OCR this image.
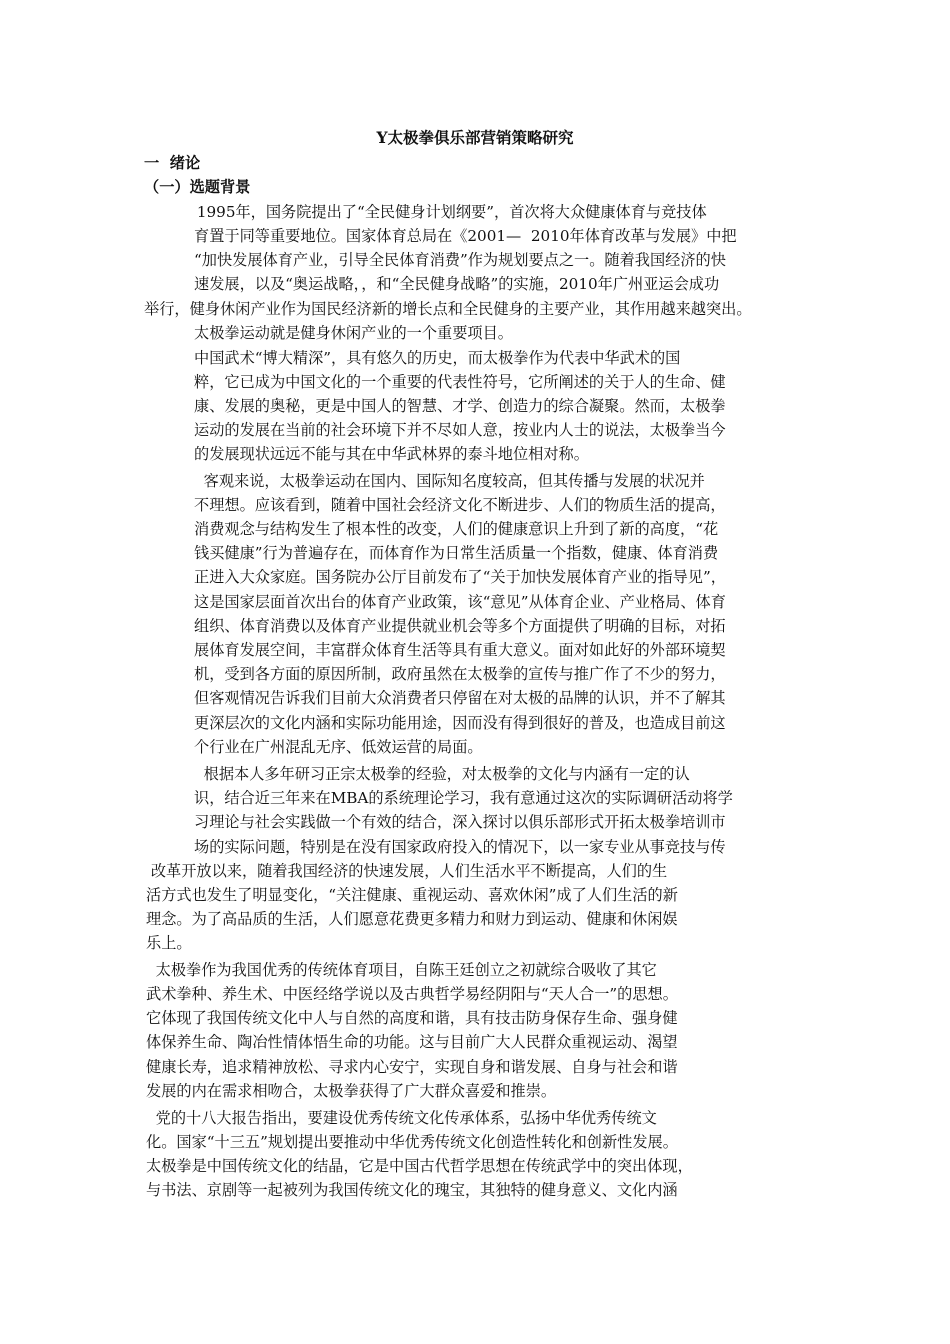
Y太极拳俱乐部营销策略研究
一  绪论
（一）选题背景
1995年，国务院提出了“全民健身计划纲要”，首次将大众健康体育与竞技体
育置于同等重要地位。国家体育总局在《2001—  2010年体育改革与发展》中把
“加快发展体育产业，引导全民体育消费”作为规划要点之一。随着我国经济的快
速发展，以及“奥运战略，，和“全民健身战略”的实施，2010年广州亚运会成功
举行，健身休闲产业作为国民经济新的增长点和全民健身的主要产业，其作用越来越突出。
太极拳运动就是健身休闲产业的一个重要项目。
中国武术“博大精深”，具有悠久的历史，而太极拳作为代表中华武术的国
粹，它已成为中国文化的一个重要的代表性符号，它所阐述的关于人的生命、健
康、发展的奥秘，更是中国人的智慧、才学、创造力的综合凝聚。然而，太极拳
运动的发展在当前的社会环境下并不尽如人意，按业内人士的说法，太极拳当今
的发展现状远远不能与其在中华武林界的泰斗地位相对称。
客观来说，太极拳运动在国内、国际知名度较高，但其传播与发展的状况并
不理想。应该看到，随着中国社会经济文化不断进步、人们的物质生活的提高，
消费观念与结构发生了根本性的改变，人们的健康意识上升到了新的高度，“花
钱买健康”行为普遍存在，而体育作为日常生活质量一个指数，健康、体育消费
正进入大众家庭。国务院办公厅目前发布了“关于加快发展体育产业的指导见”，
这是国家层面首次出台的体育产业政策，该“意见”从体育企业、产业格局、体育
组织、体育消费以及体育产业提供就业机会等多个方面提供了明确的目标，对拓
展体育发展空间，丰富群众体育生活等具有重大意义。面对如此好的外部环境契
机，受到各方面的原因所制，政府虽然在太极拳的宣传与推广作了不少的努力，
但客观情况告诉我们目前大众消费者只停留在对太极的品牌的认识，并不了解其
更深层次的文化内涵和实际功能用途，因而没有得到很好的普及，也造成目前这
个行业在广州混乱无序、低效运营的局面。
根据本人多年研习正宗太极拳的经验，对太极拳的文化与内涵有一定的认
识，结合近三年来在MBA的系统理论学习，我有意通过这次的实际调研活动将学
习理论与社会实践做一个有效的结合，深入探讨以俱乐部形式开拓太极拳培训市
场的实际问题，特别是在没有国家政府投入的情况下，以一家专业从事竞技与传
改革开放以来，随着我国经济的快速发展，人们生活水平不断提高，人们的生
活方式也发生了明显变化，“关注健康、重视运动、喜欢休闲”成了人们生活的新
理念。为了高品质的生活，人们愿意花费更多精力和财力到运动、健康和休闲娱
乐上。
太极拳作为我国优秀的传统体育项目，自陈王廷创立之初就综合吸收了其它
武术拳种、养生术、中医经络学说以及古典哲学易经阴阳与“天人合一”的思想。
它体现了我国传统文化中人与自然的高度和谐，具有技击防身保存生命、强身健
体保养生命、陶冶性情体悟生命的功能。这与目前广大人民群众重视运动、渴望
健康长寿，追求精神放松、寻求内心安宁，实现自身和谐发展、自身与社会和谐
发展的内在需求相吻合，太极拳获得了广大群众喜爱和推崇。
党的十八大报告指出，要建设优秀传统文化传承体系，弘扬中华优秀传统文
化。国家“十三五”规划提出要推动中华优秀传统文化创造性转化和创新性发展。
太极拳是中国传统文化的结晶，它是中国古代哲学思想在传统武学中的突出体现，
与书法、京剧等一起被列为我国传统文化的瑰宝，其独特的健身意义、文化内涵
